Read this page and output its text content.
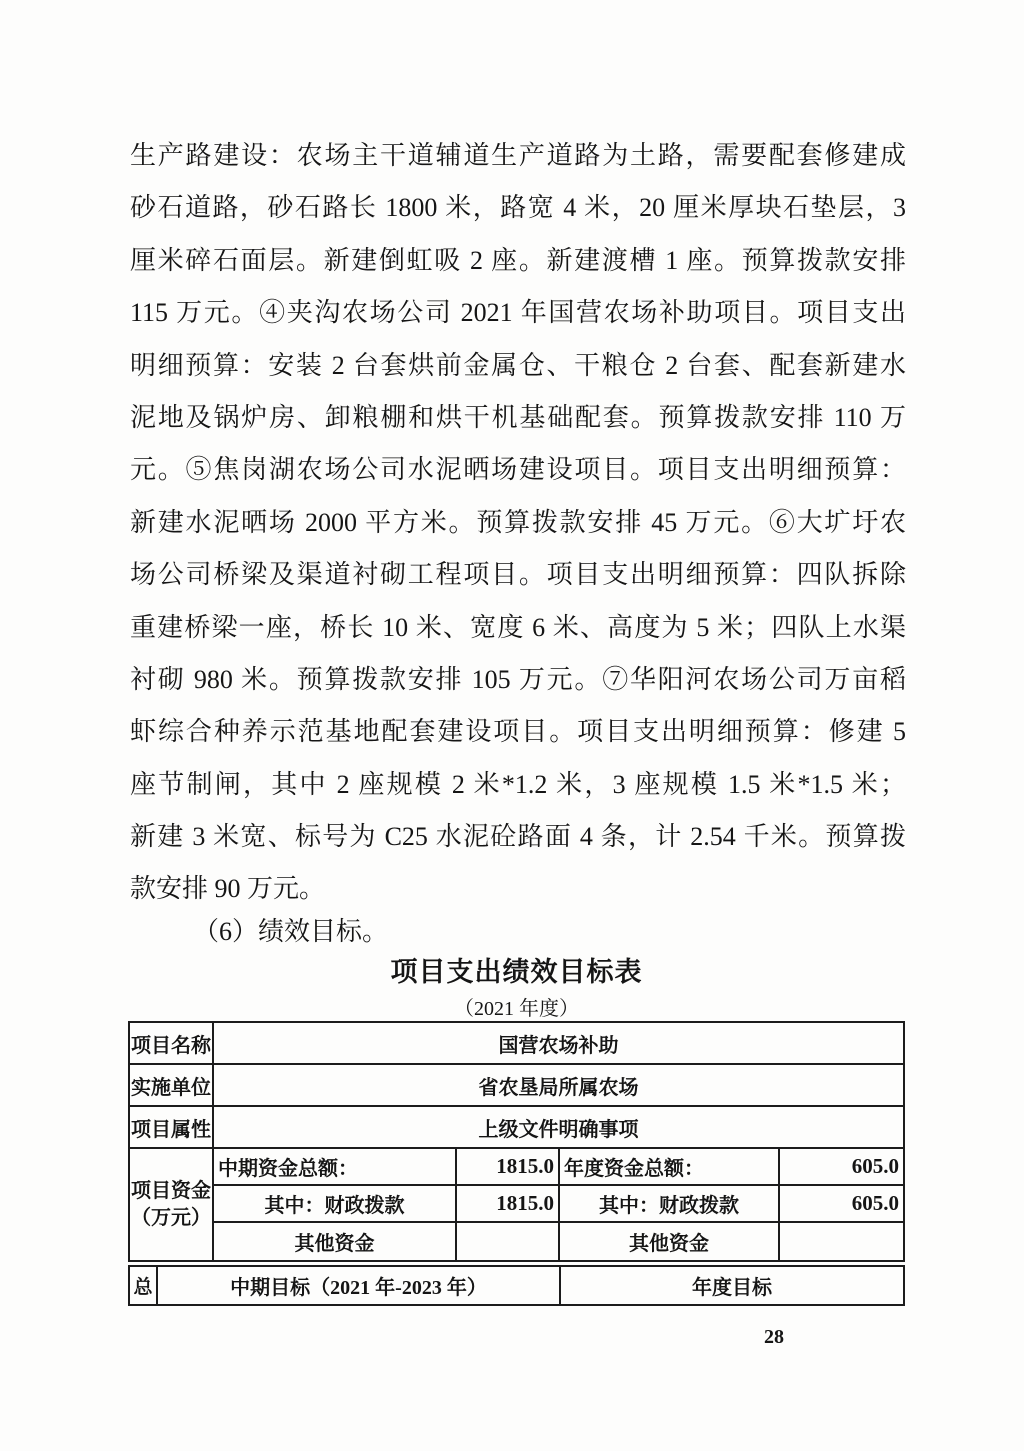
生产路建设：农场主干道辅道生产道路为土路，需要配套修建成
砂石道路，砂石路长 1800 米，路宽 4 米，20 厘米厚块石垫层，3
厘米碎石面层。新建倒虹吸 2 座。新建渡槽 1 座。预算拨款安排
115 万元。④夹沟农场公司 2021 年国营农场补助项目。项目支出
明细预算：安装 2 台套烘前金属仓、干粮仓 2 台套、配套新建水
泥地及锅炉房、卸粮棚和烘干机基础配套。预算拨款安排 110 万
元。⑤焦岗湖农场公司水泥晒场建设项目。项目支出明细预算：
新建水泥晒场 2000 平方米。预算拨款安排 45 万元。⑥大圹圩农
场公司桥梁及渠道衬砌工程项目。项目支出明细预算：四队拆除
重建桥梁一座，桥长 10 米、宽度 6 米、高度为 5 米；四队上水渠
衬砌 980 米。预算拨款安排 105 万元。⑦华阳河农场公司万亩稻
虾综合种养示范基地配套建设项目。项目支出明细预算：修建 5
座节制闸，其中 2 座规模 2 米*1.2 米，3 座规模 1.5 米*1.5 米；
新建 3 米宽、标号为 C25 水泥砼路面 4 条，计 2.54 千米。预算拨
款安排 90 万元。
（6）绩效目标。
项目支出绩效目标表
（2021 年度）
项目名称	国营农场补助
实施单位	省农垦局所属农场
项目属性	上级文件明确事项
项目资金
（万元）
中期资金总额：	1815.0 年度资金总额：	605.0
其中：财政拨款	1815.0	其中：财政拨款	605.0
其他资金	其他资金
总	中期目标（2021 年-2023 年）	年度目标
28
